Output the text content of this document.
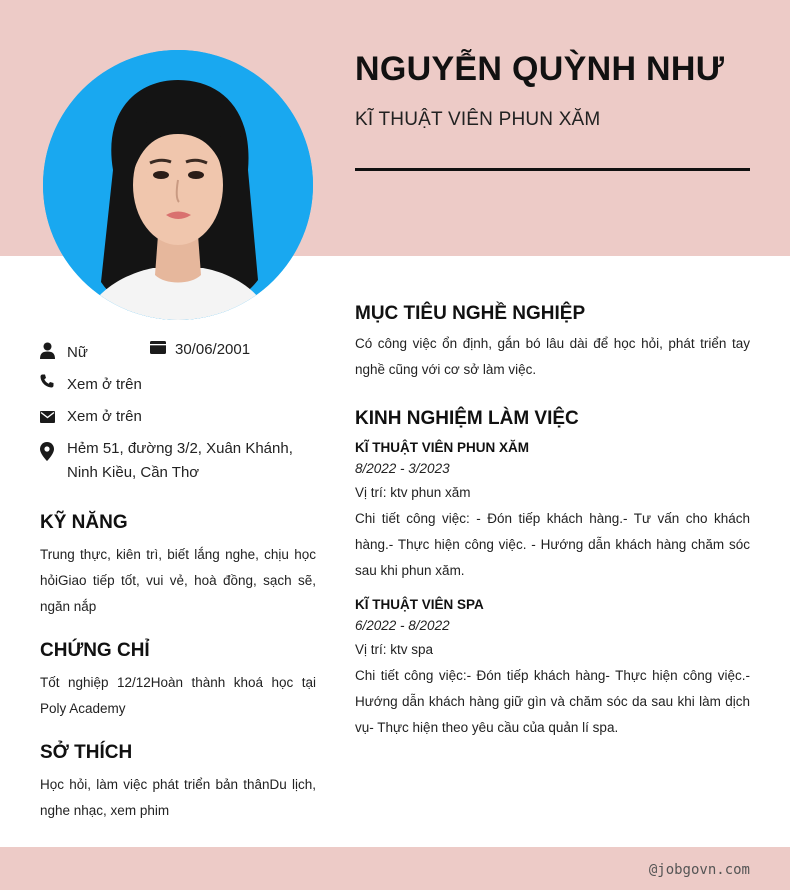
NGUYỄN QUỲNH NHƯ
KĨ THUẬT VIÊN PHUN XĂM
Nữ	30/06/2001
Xem ở trên
Xem ở trên
Hẻm 51, đường 3/2, Xuân Khánh, Ninh Kiều, Cần Thơ
KỸ NĂNG
Trung thực, kiên trì, biết lắng nghe, chịu học hỏiGiao tiếp tốt, vui vẻ, hoà đồng, sạch sẽ, ngăn nắp
CHỨNG CHỈ
Tốt nghiệp 12/12Hoàn thành khoá học tại Poly Academy
SỞ THÍCH
Học hỏi, làm việc phát triển bản thânDu lịch, nghe nhạc, xem phim
MỤC TIÊU NGHỀ NGHIỆP
Có công việc ổn định, gắn bó lâu dài để học hỏi, phát triển tay nghề cũng với cơ sở làm việc.
KINH NGHIỆM LÀM VIỆC
KĨ THUẬT VIÊN PHUN XĂM
8/2022 - 3/2023
Vị trí: ktv phun xăm
Chi tiết công việc: - Đón tiếp khách hàng.- Tư vấn cho khách hàng.- Thực hiện công việc. - Hướng dẫn khách hàng chăm sóc sau khi phun xăm.
KĨ THUẬT VIÊN SPA
6/2022 - 8/2022
Vị trí: ktv spa
Chi tiết công việc:- Đón tiếp khách hàng- Thực hiện công việc.- Hướng dẫn khách hàng giữ gìn và chăm sóc da sau khi làm dịch vụ- Thực hiện theo yêu cầu của quản lí spa.
@jobgovn.com
